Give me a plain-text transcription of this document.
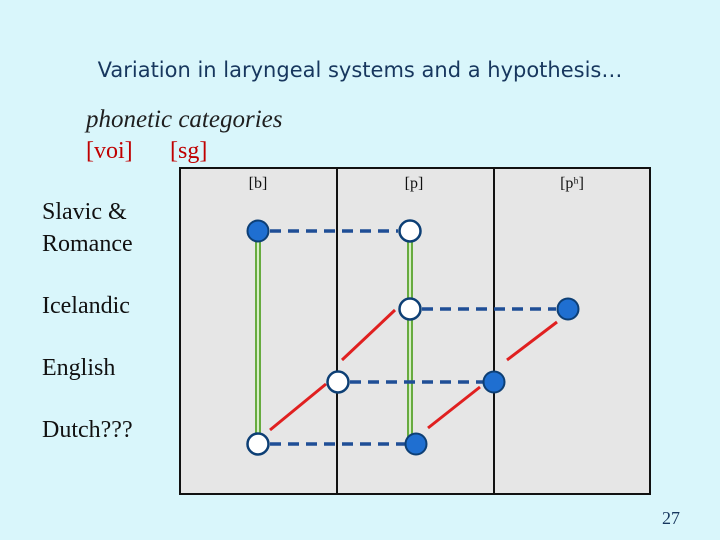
Variation in laryngeal systems and a hypothesis…
phonetic categories
[voi] [sg]
Slavic &
Romance
Icelandic
English
Dutch???
[b]	[p]	[pʰ]
27
